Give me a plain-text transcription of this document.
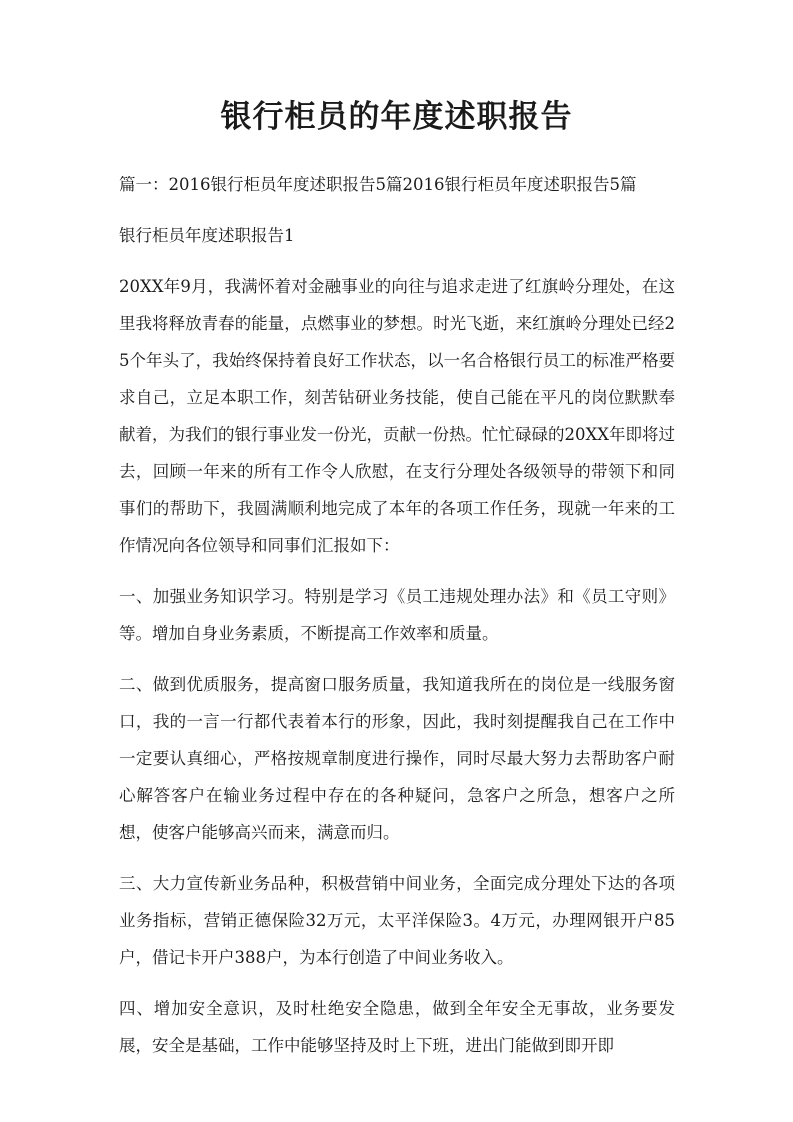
银行柜员的年度述职报告

篇一：2016银行柜员年度述职报告5篇2016银行柜员年度述职报告5篇

银行柜员年度述职报告1

20XX年9月，我满怀着对金融事业的向往与追求走进了红旗岭分理处，在这里我将释放青春的能量，点燃事业的梦想。时光飞逝，来红旗岭分理处已经25个年头了，我始终保持着良好工作状态，以一名合格银行员工的标准严格要求自己，立足本职工作，刻苦钻研业务技能，使自己能在平凡的岗位默默奉献着，为我们的银行事业发一份光，贡献一份热。忙忙碌碌的20XX年即将过去，回顾一年来的所有工作令人欣慰，在支行分理处各级领导的带领下和同事们的帮助下，我圆满顺利地完成了本年的各项工作任务，现就一年来的工作情况向各位领导和同事们汇报如下：

一、加强业务知识学习。特别是学习《员工违规处理办法》和《员工守则》等。增加自身业务素质，不断提高工作效率和质量。

二、做到优质服务，提高窗口服务质量，我知道我所在的岗位是一线服务窗口，我的一言一行都代表着本行的形象，因此，我时刻提醒我自己在工作中一定要认真细心，严格按规章制度进行操作，同时尽最大努力去帮助客户耐心解答客户在输业务过程中存在的各种疑问，急客户之所急，想客户之所想，使客户能够高兴而来，满意而归。

三、大力宣传新业务品种，积极营销中间业务，全面完成分理处下达的各项业务指标，营销正德保险32万元，太平洋保险3。4万元，办理网银开户85户，借记卡开户388户，为本行创造了中间业务收入。

四、增加安全意识，及时杜绝安全隐患，做到全年安全无事故，业务要发展，安全是基础，工作中能够坚持及时上下班，进出门能做到即开即
